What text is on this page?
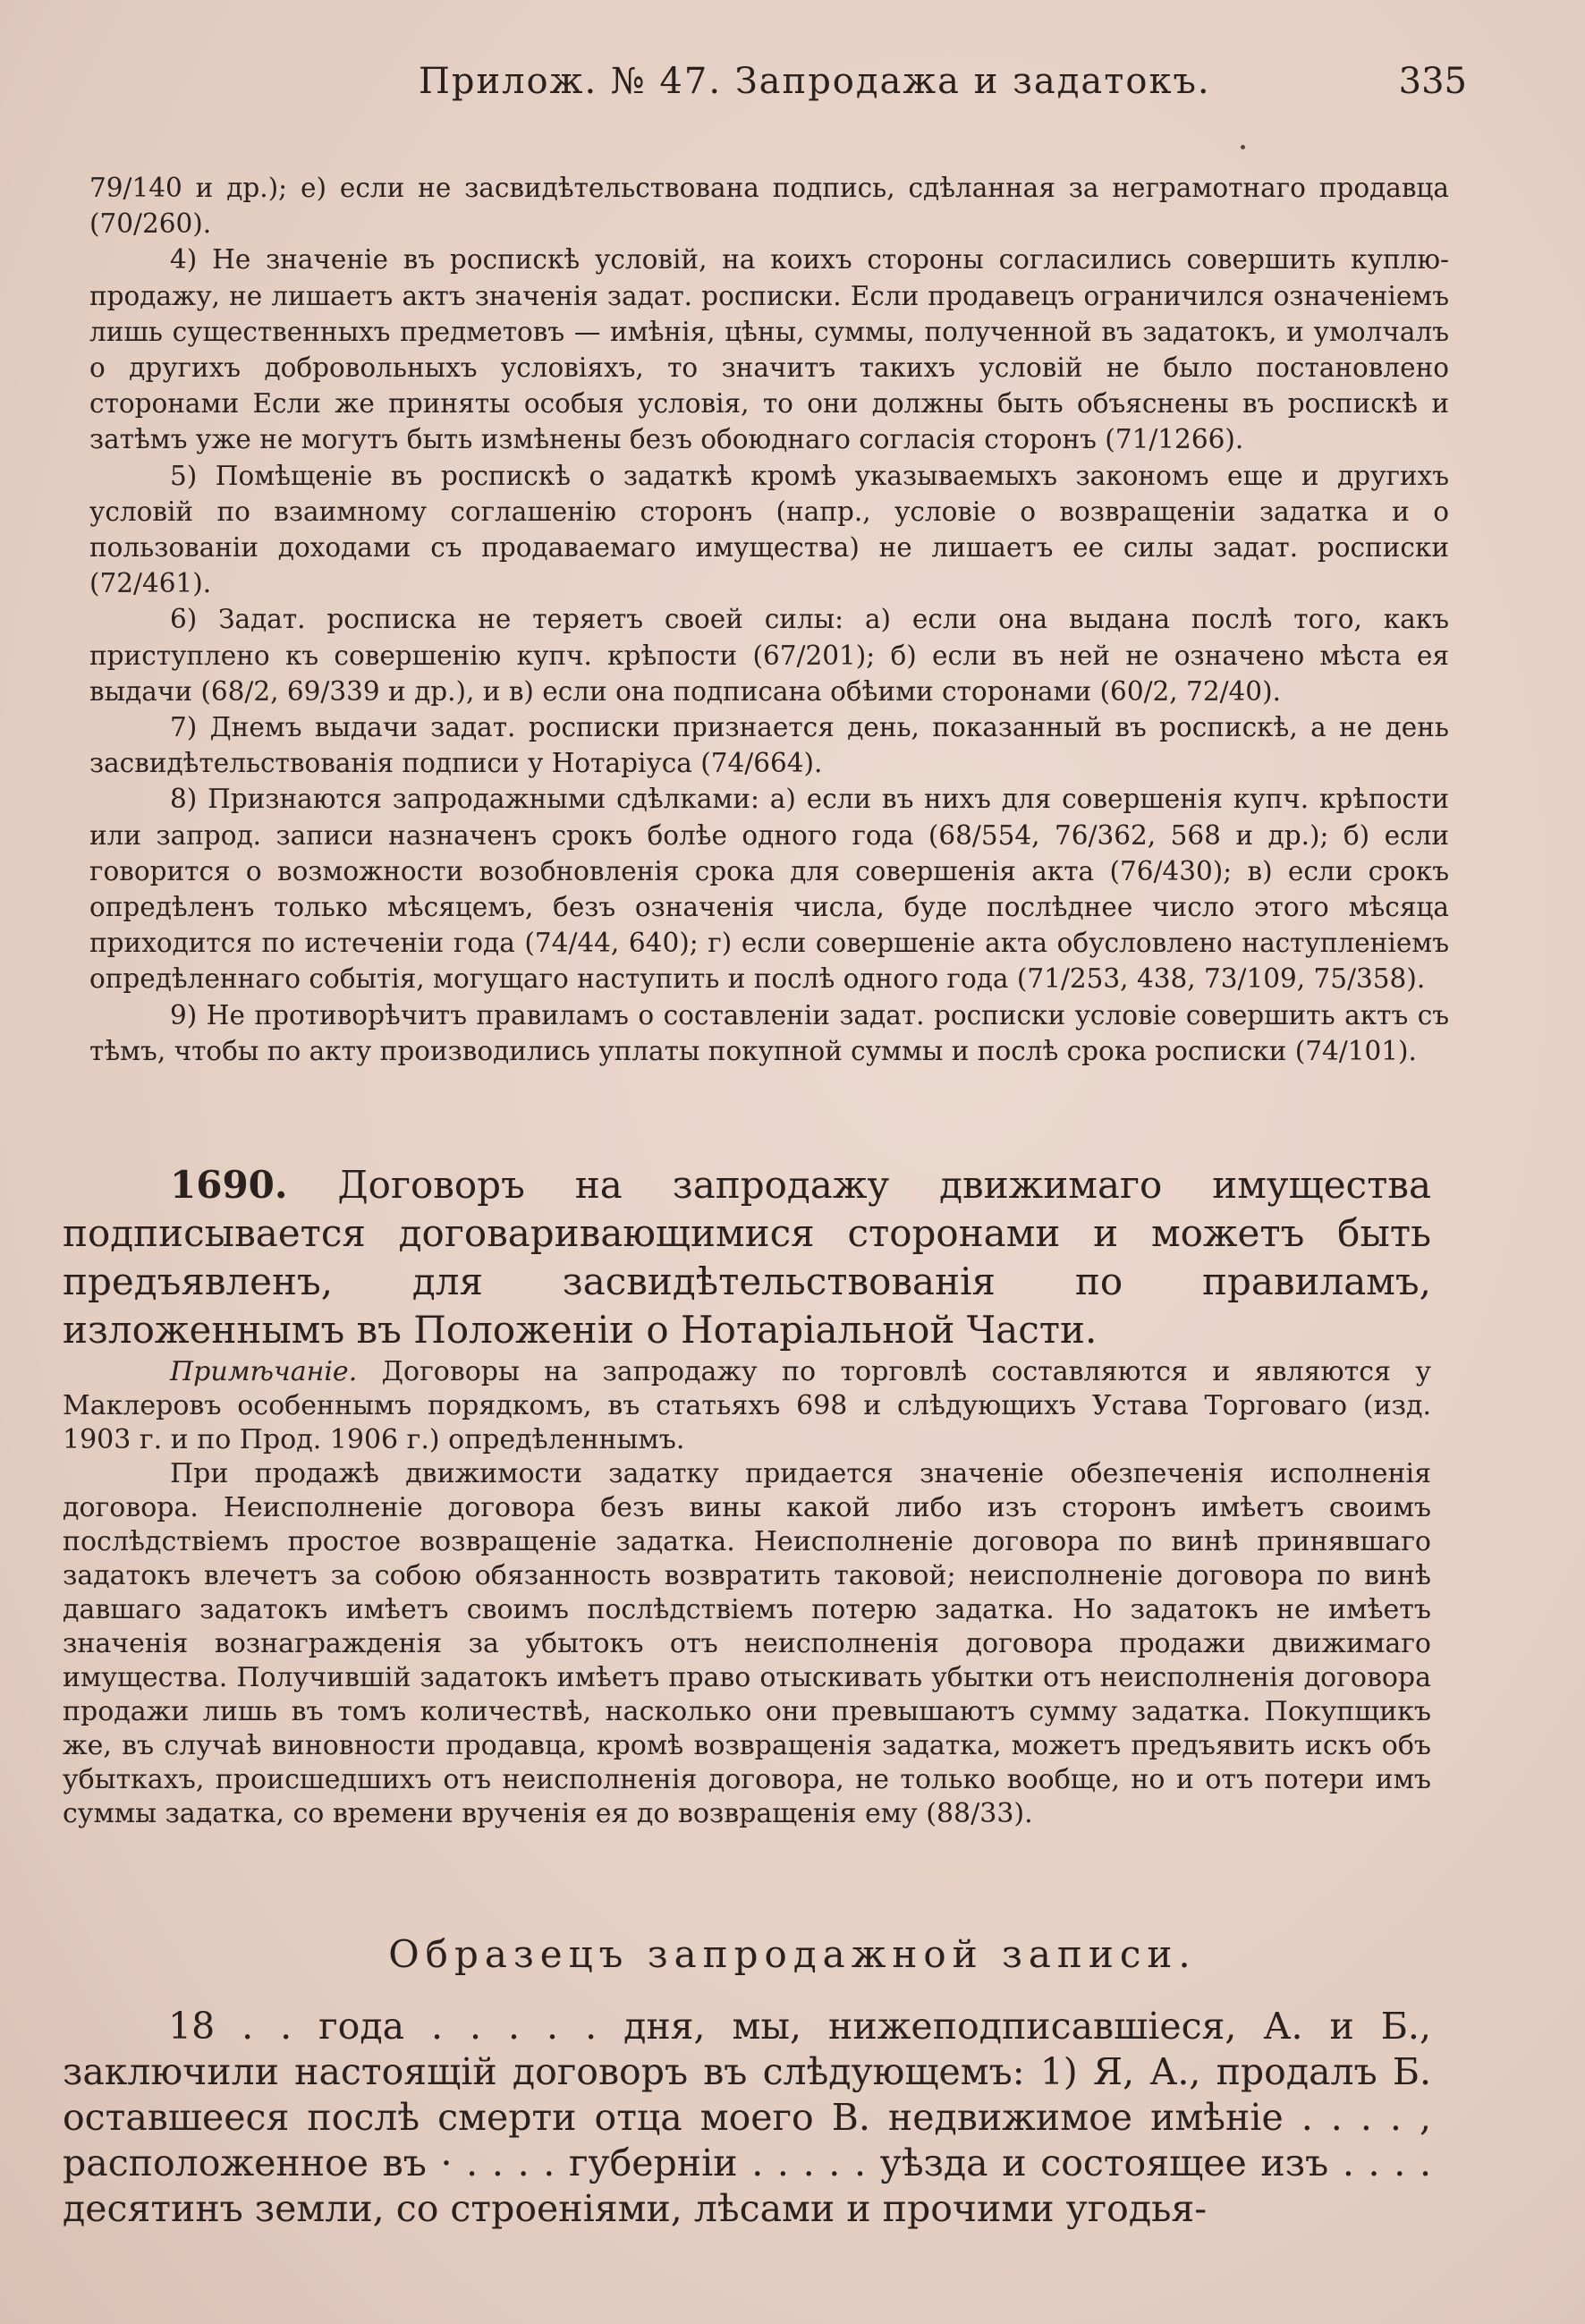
Прилож. № 47. Запродажа и задатокъ.	335

79/140 и др.); е) если не засвидѣтельствована подпись, сдѣланная за неграмотнаго продавца (70/260).

4) Не значеніе въ роспискѣ условій, на коихъ стороны согласились совершить куплю-продажу, не лишаетъ актъ значенія задат. росписки. Если продавецъ ограничился означеніемъ лишь существенныхъ предметовъ — имѣнія, цѣны, суммы, полученной въ задатокъ, и умолчалъ о другихъ добровольныхъ условіяхъ, то значитъ такихъ условій не было постановлено сторонами Если же приняты особыя условія, то они должны быть объяснены въ роспискѣ и затѣмъ уже не могутъ быть измѣнены безъ обоюднаго согласія сторонъ (71/1266).

5) Помѣщеніе въ роспискѣ о задаткѣ кромѣ указываемыхъ закономъ еще и другихъ условій по взаимному соглашенію сторонъ (напр., условіе о возвращеніи задатка и о пользованіи доходами съ продаваемаго имущества) не лишаетъ ее силы задат. росписки (72/461).

6) Задат. росписка не теряетъ своей силы: а) если она выдана послѣ того, какъ приступлено къ совершенію купч. крѣпости (67/201); б) если въ ней не означено мѣста ея выдачи (68/2, 69/339 и др.), и в) если она подписана обѣими сторонами (60/2, 72/40).

7) Днемъ выдачи задат. росписки признается день, показанный въ роспискѣ, а не день засвидѣтельствованія подписи у Нотаріуса (74/664).

8) Признаются запродажными сдѣлками: а) если въ нихъ для совершенія купч. крѣпости или запрод. записи назначенъ срокъ болѣе одного года (68/554, 76/362, 568 и др.); б) если говорится о возможности возобновленія срока для совершенія акта (76/430); в) если срокъ опредѣленъ только мѣсяцемъ, безъ означенія числа, буде послѣднее число этого мѣсяца приходится по истеченіи года (74/44, 640); г) если совершеніе акта обусловлено наступленіемъ опредѣленнаго событія, могущаго наступить и послѣ одного года (71/253, 438, 73/109, 75/358).

9) Не противорѣчитъ правиламъ о составленіи задат. росписки условіе совершить актъ съ тѣмъ, чтобы по акту производились уплаты покупной суммы и послѣ срока росписки (74/101).

1690. Договоръ на запродажу движимаго имущества подписывается договаривающимися сторонами и можетъ быть предъявленъ, для засвидѣтельствованія по правиламъ, изложеннымъ въ Положеніи о Нотаріальной Части.

Примѣчаніе. Договоры на запродажу по торговлѣ составляются и являются у Маклеровъ особеннымъ порядкомъ, въ статьяхъ 698 и слѣдующихъ Устава Торговаго (изд. 1903 г. и по Прод. 1906 г.) опредѣленнымъ.

При продажѣ движимости задатку придается значеніе обезпеченія исполненія договора. Неисполненіе договора безъ вины какой либо изъ сторонъ имѣетъ своимъ послѣдствіемъ простое возвращеніе задатка. Неисполненіе договора по винѣ принявшаго задатокъ влечетъ за собою обязанность возвратить таковой; неисполненіе договора по винѣ давшаго задатокъ имѣетъ своимъ послѣдствіемъ потерю задатка. Но задатокъ не имѣетъ значенія вознагражденія за убытокъ отъ неисполненія договора продажи движимаго имущества. Получившій задатокъ имѣетъ право отыскивать убытки отъ неисполненія договора продажи лишь въ томъ количествѣ, насколько они превышаютъ сумму задатка. Покупщикъ же, въ случаѣ виновности продавца, кромѣ возвращенія задатка, можетъ предъявить искъ объ убыткахъ, происшедшихъ отъ неисполненія договора, не только вообще, но и отъ потери имъ суммы задатка, со времени врученія ея до возвращенія ему (88/33).

Образецъ запродажной записи.

18 . . года . . . . . дня, мы, нижеподписавшіеся, А. и Б., заключили настоящій договоръ въ слѣдующемъ: 1) Я, А., продалъ Б. оставшееся послѣ смерти отца моего В. недвижимое имѣніе . . . . , расположенное въ · . . . . губерніи . . . . . уѣзда и состоящее изъ . . . . десятинъ земли, со строеніями, лѣсами и прочими угодья-
